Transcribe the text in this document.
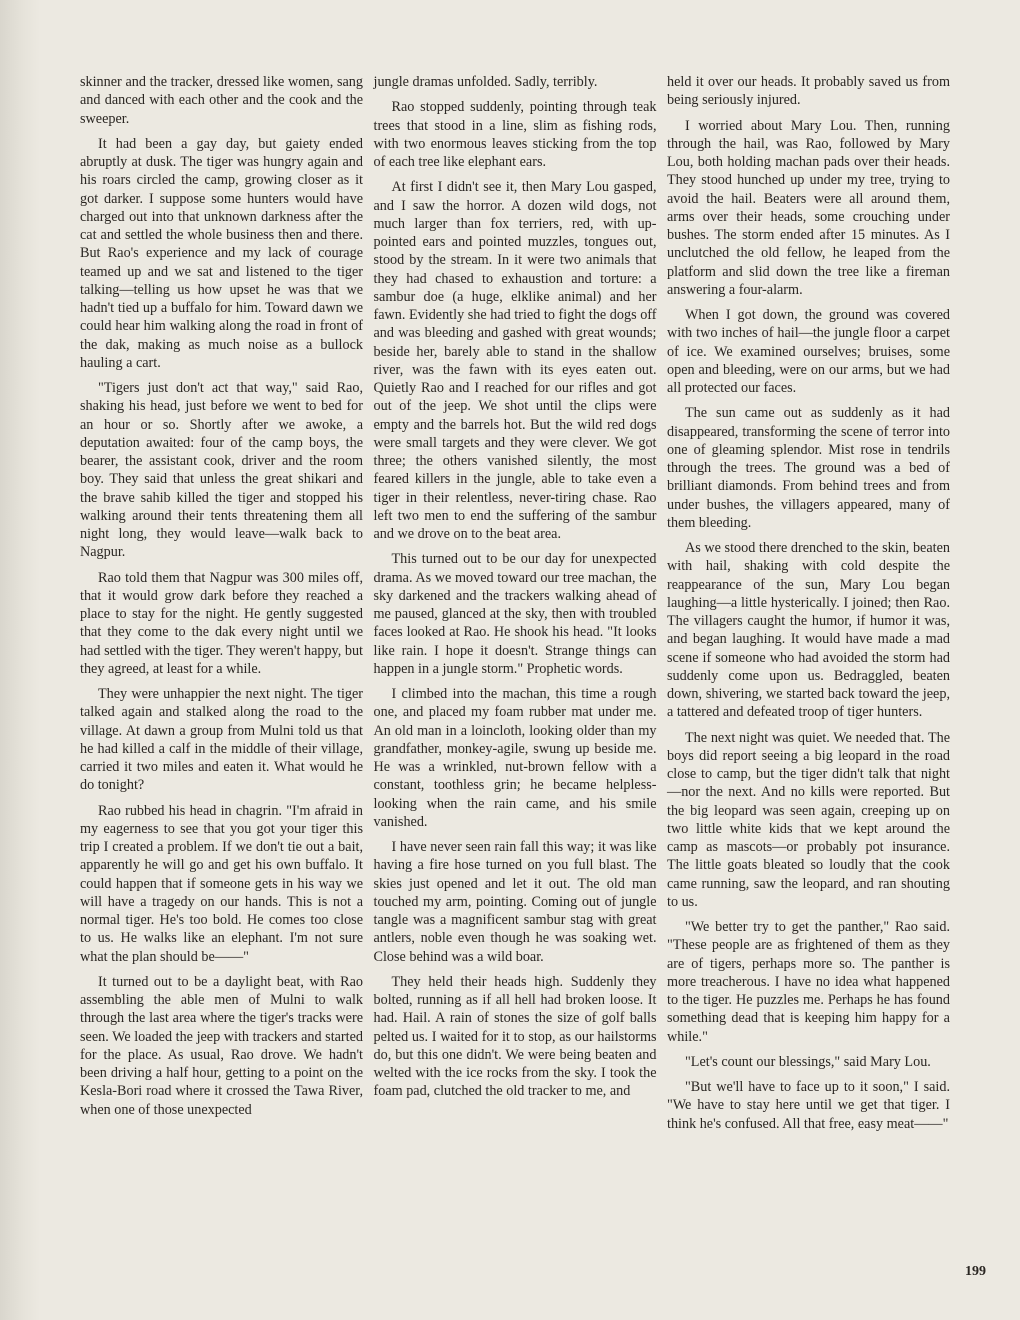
skinner and the tracker, dressed like women, sang and danced with each other and the cook and the sweeper.

It had been a gay day, but gaiety ended abruptly at dusk. The tiger was hungry again and his roars circled the camp, growing closer as it got darker. I suppose some hunters would have charged out into that unknown darkness after the cat and settled the whole business then and there. But Rao's experience and my lack of courage teamed up and we sat and listened to the tiger talking—telling us how upset he was that we hadn't tied up a buffalo for him. Toward dawn we could hear him walking along the road in front of the dak, making as much noise as a bullock hauling a cart.

"Tigers just don't act that way," said Rao, shaking his head, just before we went to bed for an hour or so. Shortly after we awoke, a deputation awaited: four of the camp boys, the bearer, the assistant cook, driver and the room boy. They said that unless the great shikari and the brave sahib killed the tiger and stopped his walking around their tents threatening them all night long, they would leave—walk back to Nagpur.

Rao told them that Nagpur was 300 miles off, that it would grow dark before they reached a place to stay for the night. He gently suggested that they come to the dak every night until we had settled with the tiger. They weren't happy, but they agreed, at least for a while.

They were unhappier the next night. The tiger talked again and stalked along the road to the village. At dawn a group from Mulni told us that he had killed a calf in the middle of their village, carried it two miles and eaten it. What would he do tonight?

Rao rubbed his head in chagrin. "I'm afraid in my eagerness to see that you got your tiger this trip I created a problem. If we don't tie out a bait, apparently he will go and get his own buffalo. It could happen that if someone gets in his way we will have a tragedy on our hands. This is not a normal tiger. He's too bold. He comes too close to us. He walks like an elephant. I'm not sure what the plan should be——"

It turned out to be a daylight beat, with Rao assembling the able men of Mulni to walk through the last area where the tiger's tracks were seen. We loaded the jeep with trackers and started for the place. As usual, Rao drove. We hadn't been driving a half hour, getting to a point on the Kesla-Bori road where it crossed the Tawa River, when one of those unexpected

jungle dramas unfolded. Sadly, terribly.

Rao stopped suddenly, pointing through teak trees that stood in a line, slim as fishing rods, with two enormous leaves sticking from the top of each tree like elephant ears.

At first I didn't see it, then Mary Lou gasped, and I saw the horror. A dozen wild dogs, not much larger than fox terriers, red, with up-pointed ears and pointed muzzles, tongues out, stood by the stream. In it were two animals that they had chased to exhaustion and torture: a sambur doe (a huge, elklike animal) and her fawn. Evidently she had tried to fight the dogs off and was bleeding and gashed with great wounds; beside her, barely able to stand in the shallow river, was the fawn with its eyes eaten out. Quietly Rao and I reached for our rifles and got out of the jeep. We shot until the clips were empty and the barrels hot. But the wild red dogs were small targets and they were clever. We got three; the others vanished silently, the most feared killers in the jungle, able to take even a tiger in their relentless, never-tiring chase. Rao left two men to end the suffering of the sambur and we drove on to the beat area.

This turned out to be our day for unexpected drama. As we moved toward our tree machan, the sky darkened and the trackers walking ahead of me paused, glanced at the sky, then with troubled faces looked at Rao. He shook his head. "It looks like rain. I hope it doesn't. Strange things can happen in a jungle storm." Prophetic words.

I climbed into the machan, this time a rough one, and placed my foam rubber mat under me. An old man in a loincloth, looking older than my grandfather, monkey-agile, swung up beside me. He was a wrinkled, nut-brown fellow with a constant, toothless grin; he became helpless-looking when the rain came, and his smile vanished.

I have never seen rain fall this way; it was like having a fire hose turned on you full blast. The skies just opened and let it out. The old man touched my arm, pointing. Coming out of jungle tangle was a magnificent sambur stag with great antlers, noble even though he was soaking wet. Close behind was a wild boar.

They held their heads high. Suddenly they bolted, running as if all hell had broken loose. It had. Hail. A rain of stones the size of golf balls pelted us. I waited for it to stop, as our hailstorms do, but this one didn't. We were being beaten and welted with the ice rocks from the sky. I took the foam pad, clutched the old tracker to me, and

held it over our heads. It probably saved us from being seriously injured.

I worried about Mary Lou. Then, running through the hail, was Rao, followed by Mary Lou, both holding machan pads over their heads. They stood hunched up under my tree, trying to avoid the hail. Beaters were all around them, arms over their heads, some crouching under bushes. The storm ended after 15 minutes. As I unclutched the old fellow, he leaped from the platform and slid down the tree like a fireman answering a four-alarm.

When I got down, the ground was covered with two inches of hail—the jungle floor a carpet of ice. We examined ourselves; bruises, some open and bleeding, were on our arms, but we had all protected our faces.

The sun came out as suddenly as it had disappeared, transforming the scene of terror into one of gleaming splendor. Mist rose in tendrils through the trees. The ground was a bed of brilliant diamonds. From behind trees and from under bushes, the villagers appeared, many of them bleeding.

As we stood there drenched to the skin, beaten with hail, shaking with cold despite the reappearance of the sun, Mary Lou began laughing—a little hysterically. I joined; then Rao. The villagers caught the humor, if humor it was, and began laughing. It would have made a mad scene if someone who had avoided the storm had suddenly come upon us. Bedraggled, beaten down, shivering, we started back toward the jeep, a tattered and defeated troop of tiger hunters.

The next night was quiet. We needed that. The boys did report seeing a big leopard in the road close to camp, but the tiger didn't talk that night—nor the next. And no kills were reported. But the big leopard was seen again, creeping up on two little white kids that we kept around the camp as mascots—or probably pot insurance. The little goats bleated so loudly that the cook came running, saw the leopard, and ran shouting to us.

"We better try to get the panther," Rao said. "These people are as frightened of them as they are of tigers, perhaps more so. The panther is more treacherous. I have no idea what happened to the tiger. He puzzles me. Perhaps he has found something dead that is keeping him happy for a while."

"Let's count our blessings," said Mary Lou.

"But we'll have to face up to it soon," I said. "We have to stay here until we get that tiger. I think he's confused. All that free, easy meat——"

199
